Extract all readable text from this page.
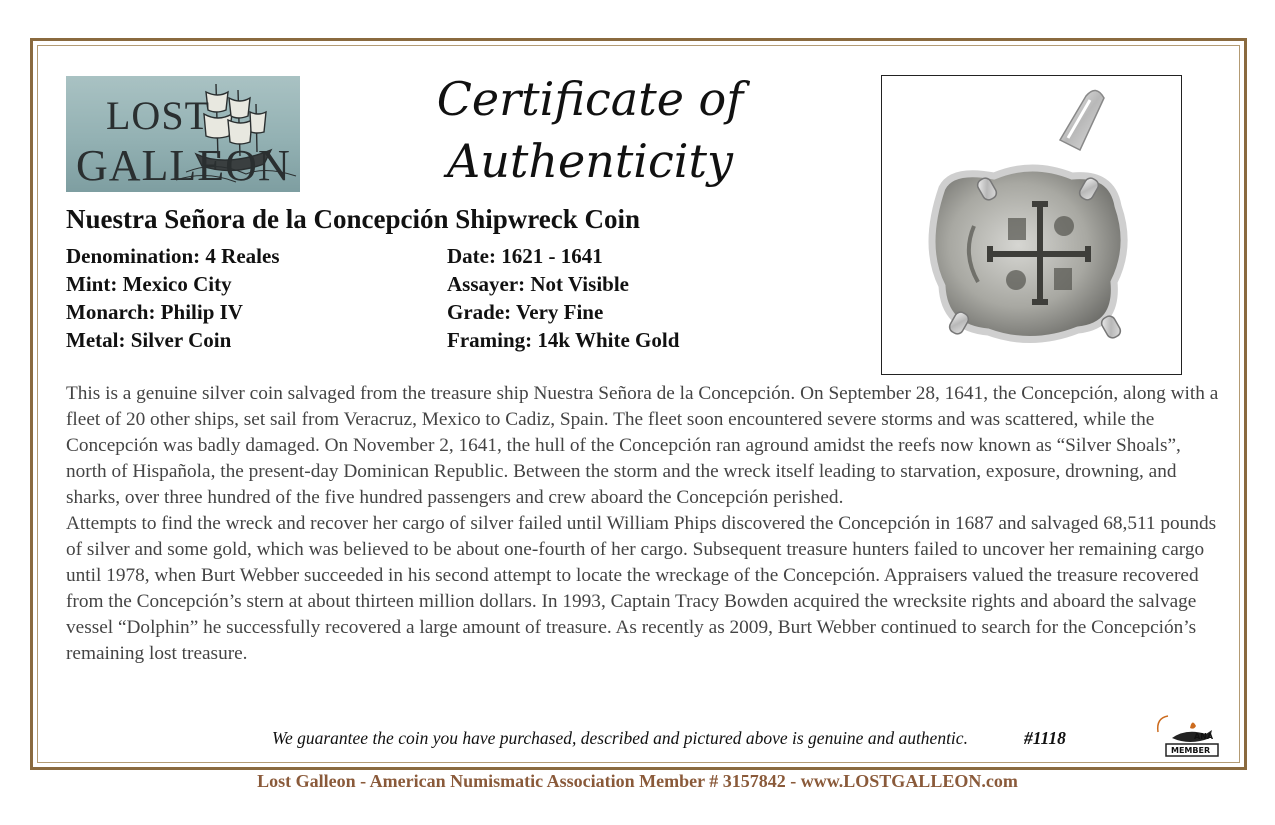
LOST
GALLEON
Certificate of
Authenticity
Nuestra Señora de la Concepción Shipwreck Coin
Denomination: 4 Reales
Mint: Mexico City
Monarch: Philip IV
Metal: Silver Coin
Date: 1621 - 1641
Assayer: Not Visible
Grade: Very Fine
Framing: 14k White Gold

This is a genuine silver coin salvaged from the treasure ship Nuestra Señora de la Concepción. On September 28, 1641, the Concepción, along with a fleet of 20 other ships, set sail from Veracruz, Mexico to Cadiz, Spain. The fleet soon encountered severe storms and was scattered, while the Concepción was badly damaged. On November 2, 1641, the hull of the Concepción ran aground amidst the reefs now known as “Silver Shoals”, north of Hispañola, the present-day Dominican Republic. Between the storm and the wreck itself leading to starvation, exposure, drowning, and sharks, over three hundred of the five hundred passengers and crew aboard the Concepción perished.

Attempts to find the wreck and recover her cargo of silver failed until William Phips discovered the Concepción in 1687 and salvaged 68,511 pounds of silver and some gold, which was believed to be about one-fourth of her cargo. Subsequent treasure hunters failed to uncover her remaining cargo until 1978, when Burt Webber succeeded in his second attempt to locate the wreckage of the Concepción. Appraisers valued the treasure recovered from the Concepción’s stern at about thirteen million dollars. In 1993, Captain Tracy Bowden acquired the wrecksite rights and aboard the salvage vessel “Dolphin” he successfully recovered a large amount of treasure. As recently as 2009, Burt Webber continued to search for the Concepción’s remaining lost treasure.

We guarantee the coin you have purchased, described and pictured above is genuine and authentic.	#1118	ANA
MEMBER
Lost Galleon - American Numismatic Association Member # 3157842 - www.LOSTGALLEON.com
